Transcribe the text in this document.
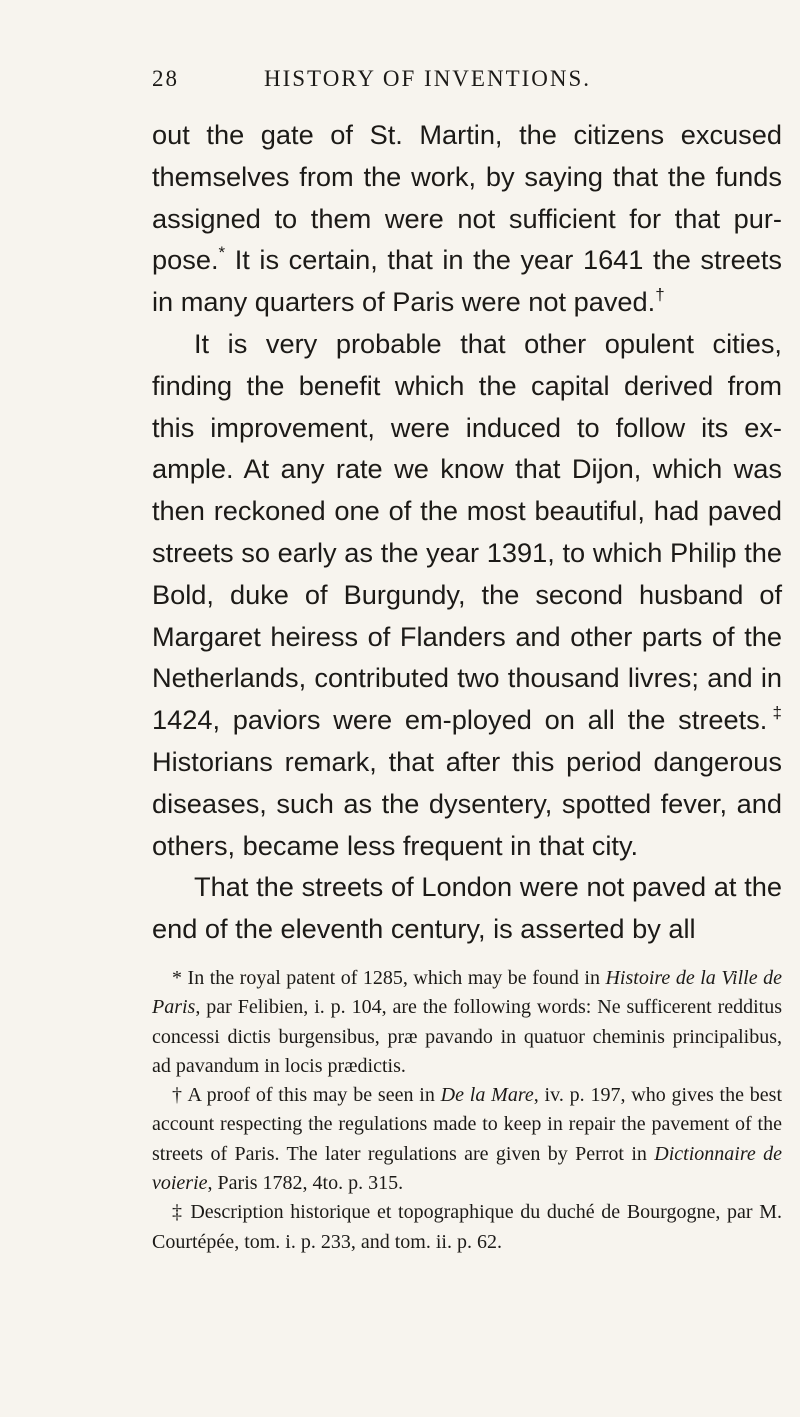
28	HISTORY OF INVENTIONS.

out the gate of St. Martin, the citizens excused themselves from the work, by saying that the funds assigned to them were not sufficient for that pur-pose.* It is certain, that in the year 1641 the streets in many quarters of Paris were not paved.†

It is very probable that other opulent cities, finding the benefit which the capital derived from this improvement, were induced to follow its ex-ample. At any rate we know that Dijon, which was then reckoned one of the most beautiful, had paved streets so early as the year 1391, to which Philip the Bold, duke of Burgundy, the second husband of Margaret heiress of Flanders and other parts of the Netherlands, contributed two thousand livres; and in 1424, paviors were em-ployed on all the streets.‡ Historians remark, that after this period dangerous diseases, such as the dysentery, spotted fever, and others, became less frequent in that city.

That the streets of London were not paved at the end of the eleventh century, is asserted by all

* In the royal patent of 1285, which may be found in Histoire de la Ville de Paris, par Felibien, i. p. 104, are the following words: Ne sufficerent redditus concessi dictis burgensibus, præ pavando in quatuor cheminis principalibus, ad pavandum in locis prædictis.

† A proof of this may be seen in De la Mare, iv. p. 197, who gives the best account respecting the regulations made to keep in repair the pavement of the streets of Paris. The later regulations are given by Perrot in Dictionnaire de voierie, Paris 1782, 4to. p. 315.

‡ Description historique et topographique du duché de Bourgogne, par M. Courtépée, tom. i. p. 233, and tom. ii. p. 62.
